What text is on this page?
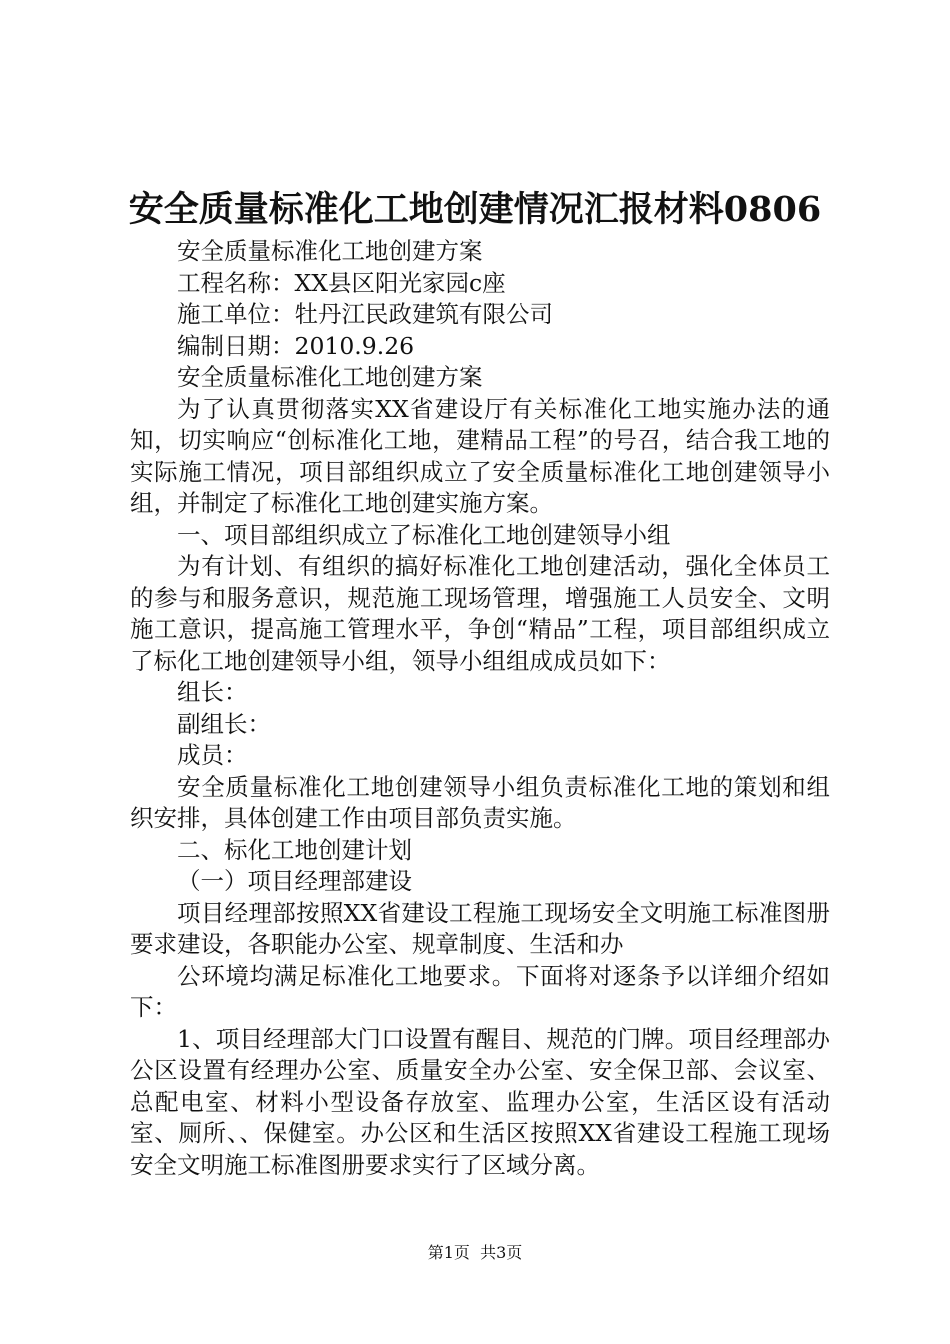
安全质量标准化工地创建情况汇报材料0806

安全质量标准化工地创建方案

工程名称：XX县区阳光家园c座

施工单位：牡丹江民政建筑有限公司

编制日期：2010.9.26

安全质量标准化工地创建方案

为了认真贯彻落实XX省建设厅有关标准化工地实施办法的通知，切实响应“创标准化工地，建精品工程”的号召，结合我工地的实际施工情况，项目部组织成立了安全质量标准化工地创建领导小组，并制定了标准化工地创建实施方案。

一、项目部组织成立了标准化工地创建领导小组

为有计划、有组织的搞好标准化工地创建活动，强化全体员工的参与和服务意识，规范施工现场管理，增强施工人员安全、文明施工意识，提高施工管理水平，争创“精品”工程，项目部组织成立了标化工地创建领导小组，领导小组组成成员如下：

组长：

副组长：

成员：

安全质量标准化工地创建领导小组负责标准化工地的策划和组织安排，具体创建工作由项目部负责实施。

二、标化工地创建计划

（一）项目经理部建设

项目经理部按照XX省建设工程施工现场安全文明施工标准图册要求建设，各职能办公室、规章制度、生活和办

公环境均满足标准化工地要求。下面将对逐条予以详细介绍如下：

1、项目经理部大门口设置有醒目、规范的门牌。项目经理部办公区设置有经理办公室、质量安全办公室、安全保卫部、会议室、总配电室、材料小型设备存放室、监理办公室，生活区设有活动室、厕所、、保健室。办公区和生活区按照XX省建设工程施工现场安全文明施工标准图册要求实行了区域分离。

第1页 共3页
